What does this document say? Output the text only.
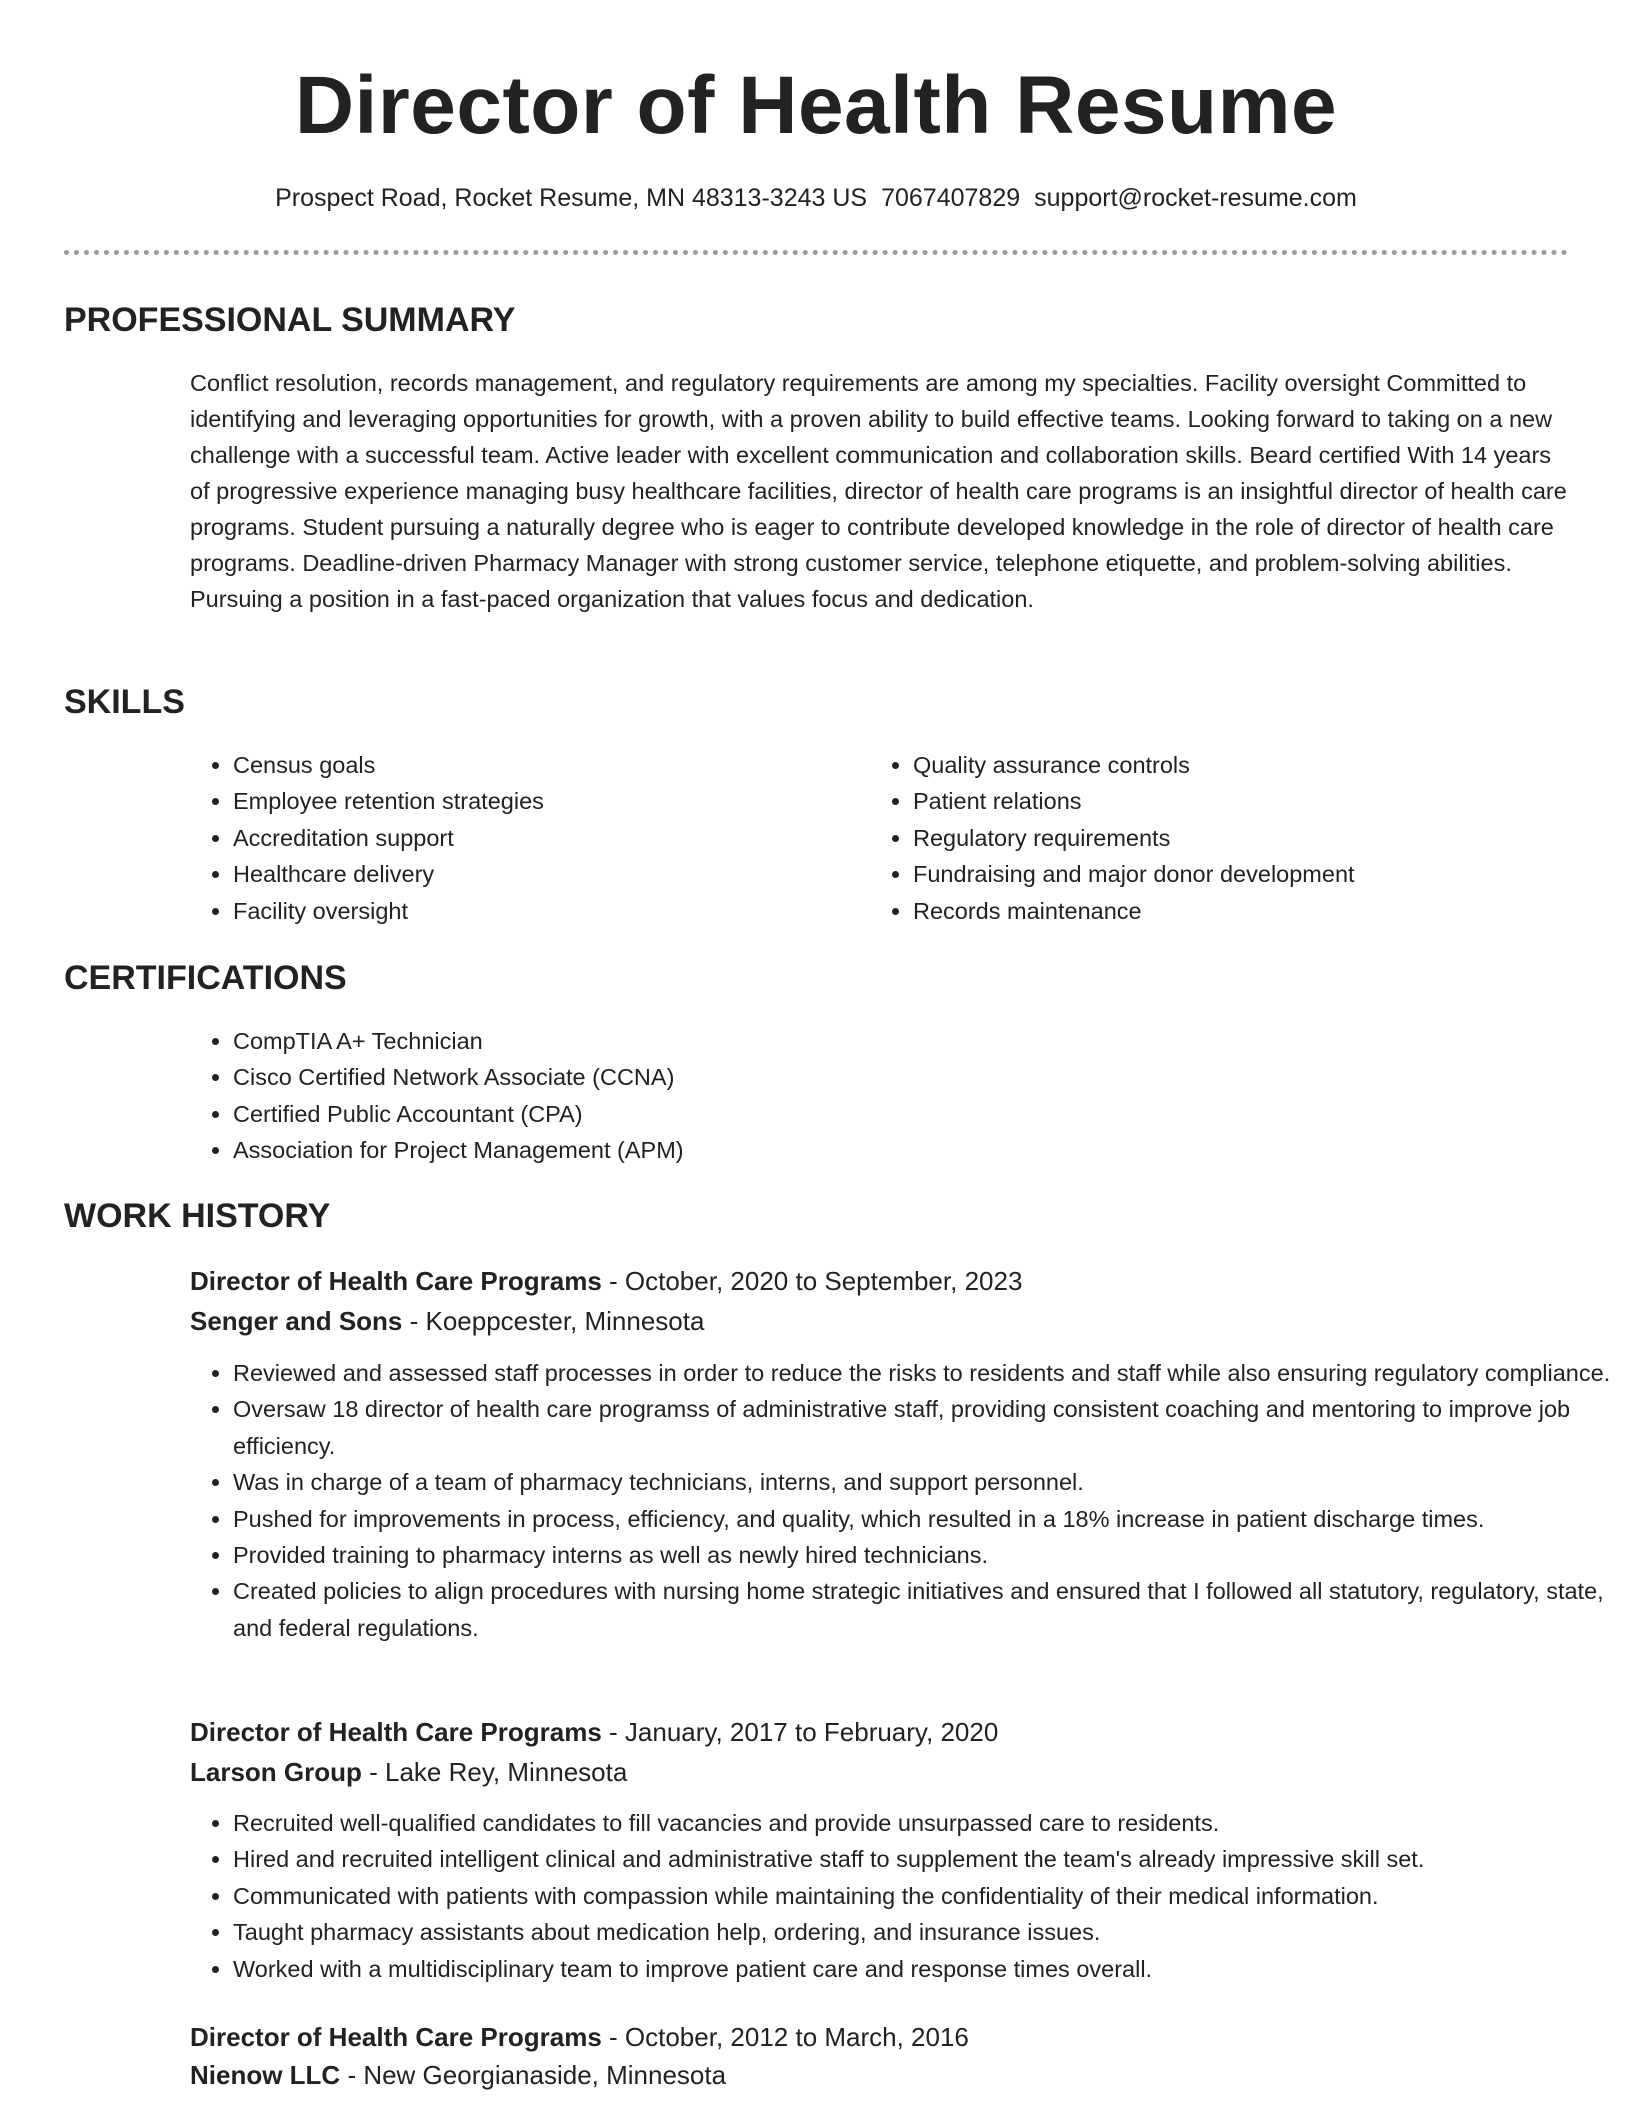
Director of Health Resume
Prospect Road, Rocket Resume, MN 48313-3243 US 7067407829 support@rocket-resume.com
PROFESSIONAL SUMMARY

Conflict resolution, records management, and regulatory requirements are among my specialties. Facility oversight Committed to identifying and leveraging opportunities for growth, with a proven ability to build effective teams. Looking forward to taking on a new challenge with a successful team. Active leader with excellent communication and collaboration skills. Beard certified With 14 years of progressive experience managing busy healthcare facilities, director of health care programs is an insightful director of health care programs. Student pursuing a naturally degree who is eager to contribute developed knowledge in the role of director of health care programs. Deadline-driven Pharmacy Manager with strong customer service, telephone etiquette, and problem-solving abilities. Pursuing a position in a fast-paced organization that values focus and dedication.

SKILLS
• Census goals
• Employee retention strategies
• Accreditation support
• Healthcare delivery
• Facility oversight
• Quality assurance controls
• Patient relations
• Regulatory requirements
• Fundraising and major donor development
• Records maintenance
CERTIFICATIONS
• CompTIA A+ Technician
• Cisco Certified Network Associate (CCNA)
• Certified Public Accountant (CPA)
• Association for Project Management (APM)
WORK HISTORY
Director of Health Care Programs - October, 2020 to September, 2023
Senger and Sons - Koeppcester, Minnesota
• Reviewed and assessed staff processes in order to reduce the risks to residents and staff while also ensuring regulatory compliance.
• Oversaw 18 director of health care programss of administrative staff, providing consistent coaching and mentoring to improve job efficiency.
• Was in charge of a team of pharmacy technicians, interns, and support personnel.
• Pushed for improvements in process, efficiency, and quality, which resulted in a 18% increase in patient discharge times.
• Provided training to pharmacy interns as well as newly hired technicians.
• Created policies to align procedures with nursing home strategic initiatives and ensured that I followed all statutory, regulatory, state, and federal regulations.
Director of Health Care Programs - January, 2017 to February, 2020
Larson Group - Lake Rey, Minnesota
• Recruited well-qualified candidates to fill vacancies and provide unsurpassed care to residents.
• Hired and recruited intelligent clinical and administrative staff to supplement the team's already impressive skill set.
• Communicated with patients with compassion while maintaining the confidentiality of their medical information.
• Taught pharmacy assistants about medication help, ordering, and insurance issues.
• Worked with a multidisciplinary team to improve patient care and response times overall.
Director of Health Care Programs - October, 2012 to March, 2016
Nienow LLC - New Georgianaside, Minnesota
